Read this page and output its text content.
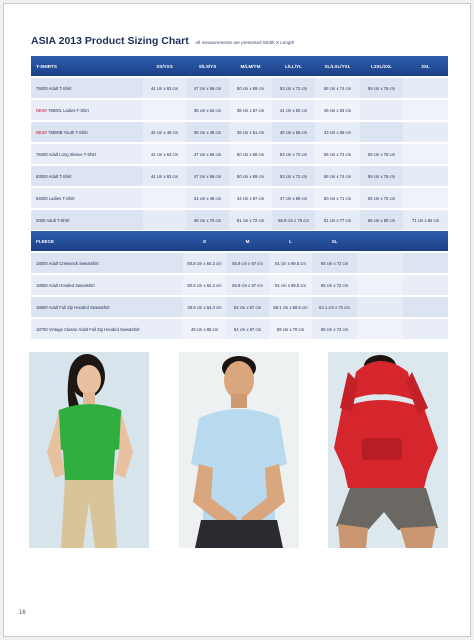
ASIA 2013 Product Sizing Chart All measurements are presented Width X Length
T-SHIRTS	XS/YXS	S/LS/YS	M/LM/YM	L/LL/YL	XL/LXL/YXL	L2XL/2XL	3XL
76000 Adult T-Shirt	44 cm x 63 cm	47 cm x 66 cm	50 cm x 69 cm	53 cm x 72 cm	56 cm x 74 cm	59 cm x 76 cm	
NEW! 76000L Ladies T-Shirt		35 cm x 54 cm	38 cm x 57 cm	41 cm x 60 cm	45 cm x 63 cm		
NEW! 76000B Youth T-Shirt	34 cm x 45 cm	36 cm x 48 cm	38 cm x 51 cm	40 cm x 55 cm	43 cm x 59 cm		
76400 Adult Long Sleeve T-Shirt	44 cm x 63 cm	47 cm x 66 cm	50 cm x 69 cm	53 cm x 72 cm	56 cm x 74 cm	59 cm x 76 cm	
63000 Adult T-Shirt	44 cm x 63 cm	47 cm x 66 cm	50 cm x 69 cm	53 cm x 72 cm	56 cm x 74 cm	59 cm x 76 cm	
64000 Ladies T-Shirt		41 cm x 46 cm	43 cm x 67 cm	47 cm x 69 cm	50 cm x 71 cm	56 cm x 72 cm	
2000 Adult T-Shirt		46 cm x 70 cm	51 cm x 72 cm	55.9 cm x 75 cm	61 cm x 77 cm	66 cm x 80 cm	71 cm x 82 cm
FLEECE	S	M	L	XL		
18000 Adult Crewneck Sweatshirt	50.8 cm x 64.3 cm	55.9 cm x 67 cm	61 cm x 69.5 cm	66 cm x 72 cm		
18500 Adult Hooded Sweatshirt	50.8 cm x 64.3 cm	55.9 cm x 67 cm	61 cm x 69.5 cm	66 cm x 72 cm		
18600 Adult Full Zip Hooded Sweatshirt	48.9 cm x 64.3 cm	54 cm x 67 cm	59.1 cm x 69.5 cm	64.1 cm x 72 cm		
18700 Vintage Classic Adult Full Zip Hooded Sweatshirt	49 cm x 65 cm	54 cm x 67 cm	59 cm x 70 cm	65 cm x 72 cm		
16
